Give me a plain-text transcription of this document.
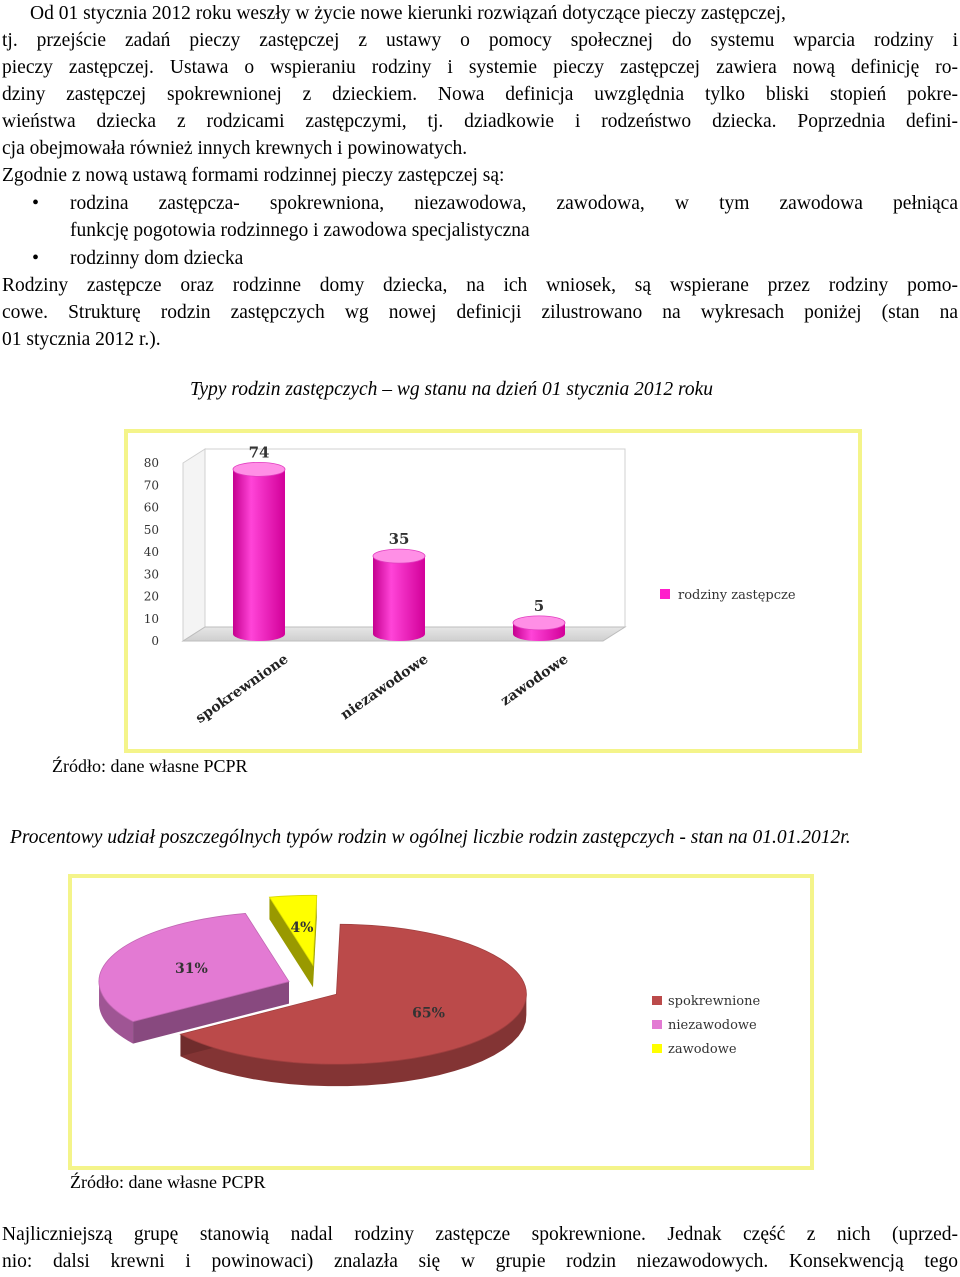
Od 01 stycznia 2012 roku weszły w życie nowe kierunki rozwiązań dotyczące pieczy zastępczej,
tj. przejście zadań pieczy zastępczej z ustawy o pomocy społecznej do systemu wparcia rodziny i
pieczy zastępczej. Ustawa o wspieraniu rodziny i systemie pieczy zastępczej zawiera nową definicję ro-
dziny zastępczej spokrewnionej z dzieckiem. Nowa definicja uwzględnia tylko bliski stopień pokre-
wieństwa dziecka z rodzicami zastępczymi, tj. dziadkowie i rodzeństwo dziecka. Poprzednia defini-
cja obejmowała również innych krewnych i powinowatych.
Zgodnie z nową ustawą formami rodzinnej pieczy zastępczej są:
• rodzina zastępcza- spokrewniona, niezawodowa, zawodowa, w tym zawodowa pełniąca
funkcję pogotowia rodzinnego i zawodowa specjalistyczna
• rodzinny dom dziecka
Rodziny zastępcze oraz rodzinne domy dziecka, na ich wniosek, są wspierane przez rodziny pomo-
cowe. Strukturę rodzin zastępczych wg nowej definicji zilustrowano na wykresach poniżej (stan na
01 stycznia 2012 r.).
Typy rodzin zastępczych – wg stanu na dzień 01 stycznia 2012 roku
0
10
20
30
40
50
60
70
80
74
35
5
spokrewnione	niezawodowe	zawodowe
rodziny zastępcze
Źródło: dane własne PCPR
Procentowy udział poszczególnych typów rodzin w ogólnej liczbie rodzin zastępczych - stan na 01.01.2012r.
65%
31%
4%
spokrewnione
niezawodowe
zawodowe
Źródło: dane własne PCPR
Najliczniejszą grupę stanowią nadal rodziny zastępcze spokrewnione. Jednak część z nich (uprzed-
nio: dalsi krewni i powinowaci) znalazła się w grupie rodzin niezawodowych. Konsekwencją tego
